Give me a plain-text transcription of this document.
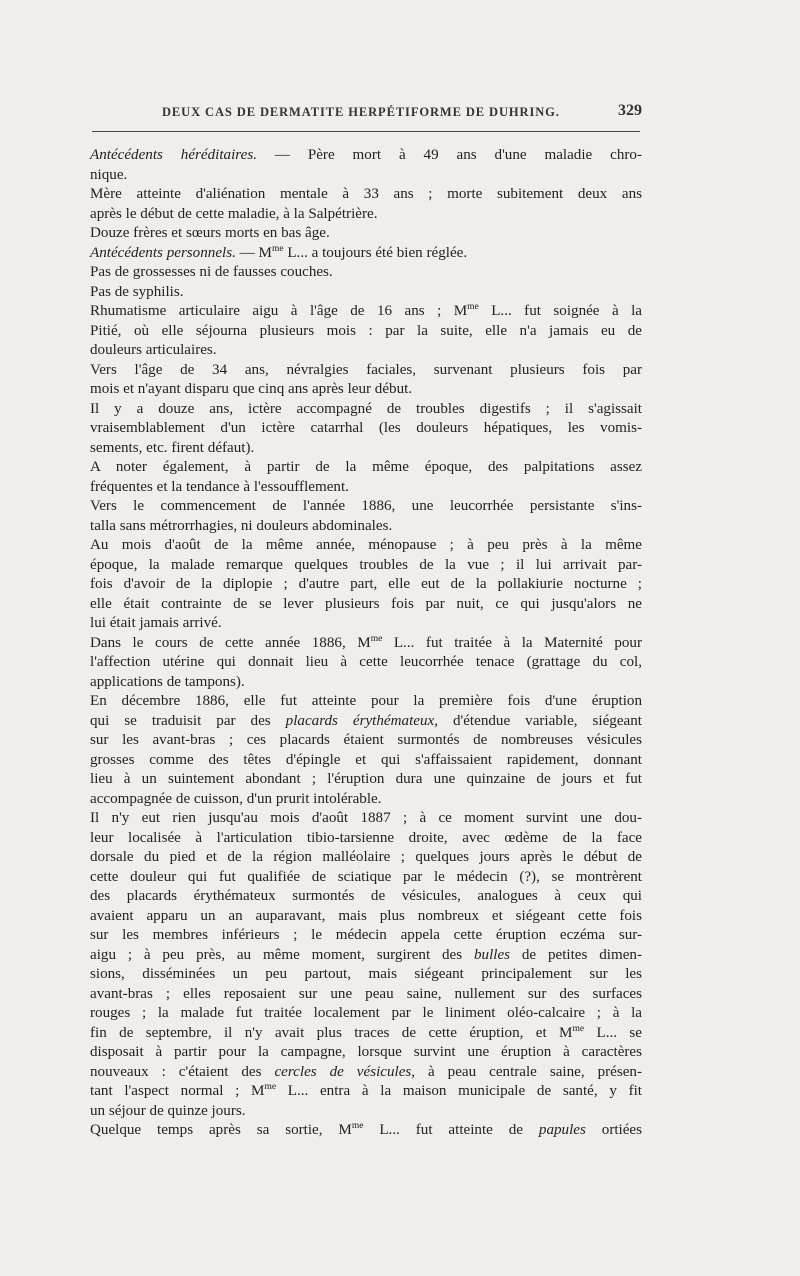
DEUX CAS DE DERMATITE HERPÉTIFORME DE DUHRING.	329
Antécédents héréditaires. — Père mort à 49 ans d'une maladie chro-
nique.
Mère atteinte d'aliénation mentale à 33 ans ; morte subitement deux ans
après le début de cette maladie, à la Salpétrière.
Douze frères et sœurs morts en bas âge.
Antécédents personnels. — $M^{me}$ L... a toujours été bien réglée.
Pas de grossesses ni de fausses couches.
Pas de syphilis.
Rhumatisme articulaire aigu à l'âge de 16 ans ; $M^{me}$ L... fut soignée à la
Pitié, où elle séjourna plusieurs mois : par la suite, elle n'a jamais eu de
douleurs articulaires.
Vers l'âge de 34 ans, névralgies faciales, survenant plusieurs fois par
mois et n'ayant disparu que cinq ans après leur début.
Il y a douze ans, ictère accompagné de troubles digestifs ; il s'agissait
vraisemblablement d'un ictère catarrhal (les douleurs hépatiques, les vomis-
sements, etc. firent défaut).
A noter également, à partir de la même époque, des palpitations assez
fréquentes et la tendance à l'essoufflement.
Vers le commencement de l'année 1886, une leucorrhée persistante s'ins-
talla sans métrorrhagies, ni douleurs abdominales.
Au mois d'août de la même année, ménopause ; à peu près à la même
époque, la malade remarque quelques troubles de la vue ; il lui arrivait par-
fois d'avoir de la diplopie ; d'autre part, elle eut de la pollakiurie nocturne ;
elle était contrainte de se lever plusieurs fois par nuit, ce qui jusqu'alors ne
lui était jamais arrivé.
Dans le cours de cette année 1886, $M^{me}$ L... fut traitée à la Maternité pour
l'affection utérine qui donnait lieu à cette leucorrhée tenace (grattage du col,
applications de tampons).
En décembre 1886, elle fut atteinte pour la première fois d'une éruption
qui se traduisit par des placards érythémateux, d'étendue variable, siégeant
sur les avant-bras ; ces placards étaient surmontés de nombreuses vésicules
grosses comme des têtes d'épingle et qui s'affaissaient rapidement, donnant
lieu à un suintement abondant ; l'éruption dura une quinzaine de jours et fut
accompagnée de cuisson, d'un prurit intolérable.
Il n'y eut rien jusqu'au mois d'août 1887 ; à ce moment survint une dou-
leur localisée à l'articulation tibio-tarsienne droite, avec œdème de la face
dorsale du pied et de la région malléolaire ; quelques jours après le début de
cette douleur qui fut qualifiée de sciatique par le médecin (?), se montrèrent
des placards érythémateux surmontés de vésicules, analogues à ceux qui
avaient apparu un an auparavant, mais plus nombreux et siégeant cette fois
sur les membres inférieurs ; le médecin appela cette éruption eczéma sur-
aigu ; à peu près, au même moment, surgirent des bulles de petites dimen-
sions, disséminées un peu partout, mais siégeant principalement sur les
avant-bras ; elles reposaient sur une peau saine, nullement sur des surfaces
rouges ; la malade fut traitée localement par le liniment oléo-calcaire ; à la
fin de septembre, il n'y avait plus traces de cette éruption, et $M^{me}$ L... se
disposait à partir pour la campagne, lorsque survint une éruption à caractères
nouveaux : c'étaient des cercles de vésicules, à peau centrale saine, présen-
tant l'aspect normal ; $M^{me}$ L... entra à la maison municipale de santé, y fit
un séjour de quinze jours.
Quelque temps après sa sortie, $M^{me}$ L... fut atteinte de papules ortiées
